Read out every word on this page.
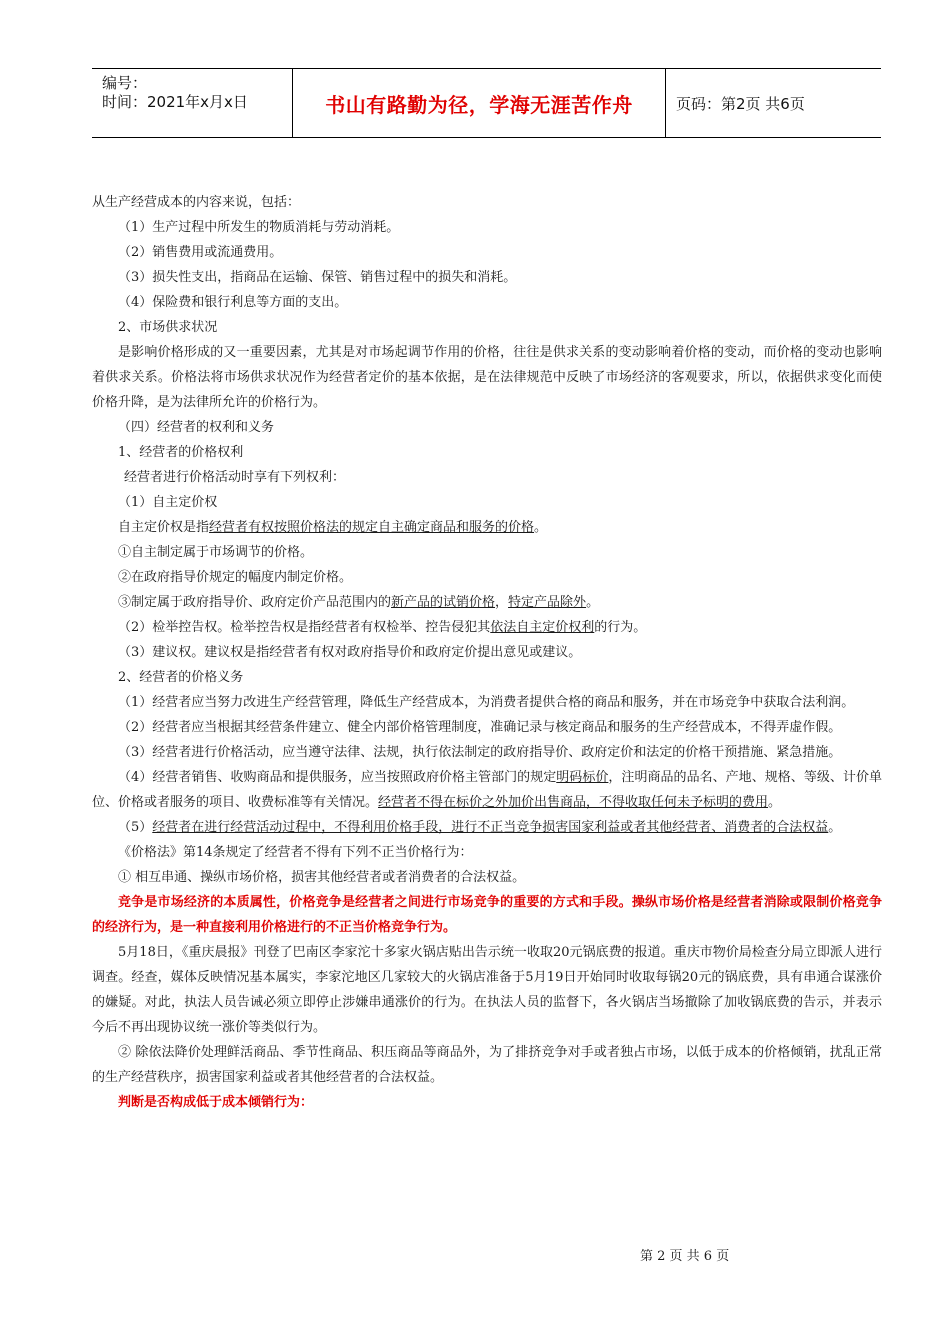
编号：
时间：2021年x月x日	书山有路勤为径，学海无涯苦作舟	页码：第2页 共6页

从生产经营成本的内容来说，包括：

（1）生产过程中所发生的物质消耗与劳动消耗。

（2）销售费用或流通费用。

（3）损失性支出，指商品在运输、保管、销售过程中的损失和消耗。

（4）保险费和银行利息等方面的支出。

2、市场供求状况

是影响价格形成的又一重要因素，尤其是对市场起调节作用的价格，往往是供求关系的变动影响着价格的变动，而价格的变动也影响着供求关系。价格法将市场供求状况作为经营者定价的基本依据，是在法律规范中反映了市场经济的客观要求，所以，依据供求变化而使价格升降，是为法律所允许的价格行为。

（四）经营者的权利和义务

1、经营者的价格权利

经营者进行价格活动时享有下列权利：

（1）自主定价权

自主定价权是指经营者有权按照价格法的规定自主确定商品和服务的价格。

①自主制定属于市场调节的价格。

②在政府指导价规定的幅度内制定价格。

③制定属于政府指导价、政府定价产品范围内的新产品的试销价格，特定产品除外。

（2）检举控告权。检举控告权是指经营者有权检举、控告侵犯其依法自主定价权利的行为。

（3）建议权。建议权是指经营者有权对政府指导价和政府定价提出意见或建议。

2、经营者的价格义务

（1）经营者应当努力改进生产经营管理，降低生产经营成本，为消费者提供合格的商品和服务，并在市场竞争中获取合法利润。

（2）经营者应当根据其经营条件建立、健全内部价格管理制度，准确记录与核定商品和服务的生产经营成本，不得弄虚作假。

（3）经营者进行价格活动，应当遵守法律、法规，执行依法制定的政府指导价、政府定价和法定的价格干预措施、紧急措施。

（4）经营者销售、收购商品和提供服务，应当按照政府价格主管部门的规定明码标价，注明商品的品名、产地、规格、等级、计价单位、价格或者服务的项目、收费标准等有关情况。经营者不得在标价之外加价出售商品，不得收取任何未予标明的费用。

（5）经营者在进行经营活动过程中，不得利用价格手段，进行不正当竞争损害国家利益或者其他经营者、消费者的合法权益。

《价格法》第14条规定了经营者不得有下列不正当价格行为：

① 相互串通、操纵市场价格，损害其他经营者或者消费者的合法权益。

竞争是市场经济的本质属性，价格竞争是经营者之间进行市场竞争的重要的方式和手段。操纵市场价格是经营者消除或限制价格竞争的经济行为，是一种直接利用价格进行的不正当价格竞争行为。

5月18日，《重庆晨报》刊登了巴南区李家沱十多家火锅店贴出告示统一收取20元锅底费的报道。重庆市物价局检查分局立即派人进行调查。经查，媒体反映情况基本属实，李家沱地区几家较大的火锅店准备于5月19日开始同时收取每锅20元的锅底费，具有串通合谋涨价的嫌疑。对此，执法人员告诫必须立即停止涉嫌串通涨价的行为。在执法人员的监督下，各火锅店当场撤除了加收锅底费的告示，并表示今后不再出现协议统一涨价等类似行为。

② 除依法降价处理鲜活商品、季节性商品、积压商品等商品外，为了排挤竞争对手或者独占市场，以低于成本的价格倾销，扰乱正常的生产经营秩序，损害国家利益或者其他经营者的合法权益。

判断是否构成低于成本倾销行为：

第 2 页 共 6 页
